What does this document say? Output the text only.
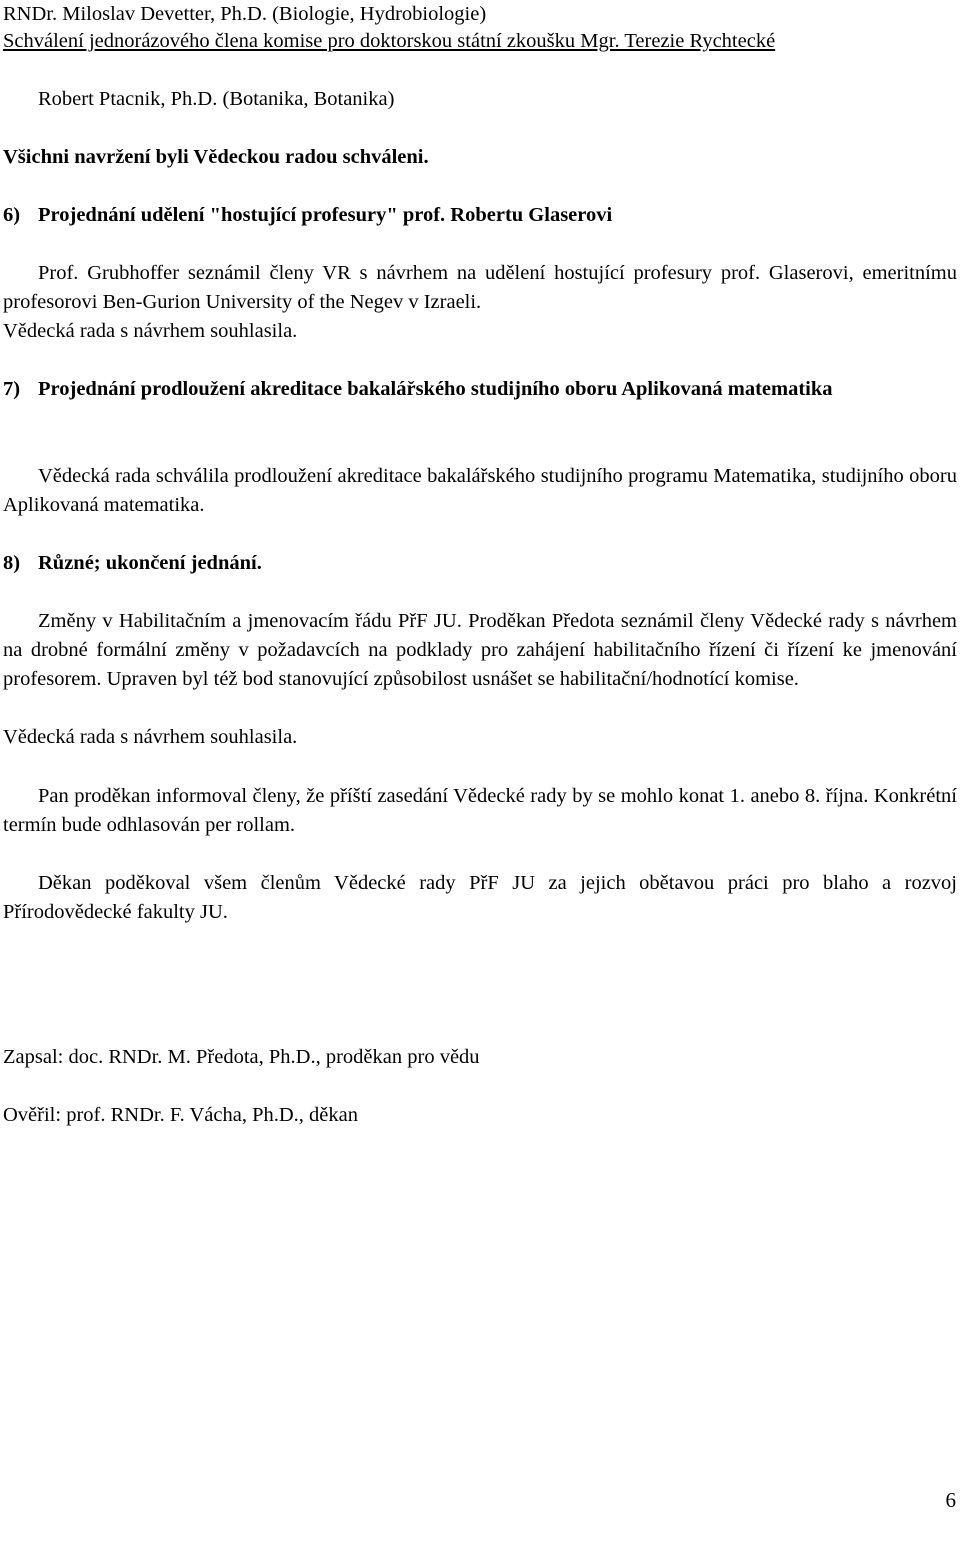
RNDr. Miloslav Devetter, Ph.D. (Biologie, Hydrobiologie)

Schválení jednorázového člena komise pro doktorskou státní zkoušku Mgr. Terezie Rychtecké

Robert Ptacnik, Ph.D. (Botanika, Botanika)

Všichni navržení byli Vědeckou radou schváleni.

6) Projednání udělení "hostující profesury" prof. Robertu Glaserovi

Prof. Grubhoffer seznámil členy VR s návrhem na udělení hostující profesury prof. Glaserovi, emeritnímu profesorovi Ben-Gurion University of the Negev v Izraeli.

Vědecká rada s návrhem souhlasila.

7) Projednání prodloužení akreditace bakalářského studijního oboru Aplikovaná matematika

Vědecká rada schválila prodloužení akreditace bakalářského studijního programu Matematika, studijního oboru Aplikovaná matematika.

8) Různé; ukončení jednání.

Změny v Habilitačním a jmenovacím řádu PřF JU. Proděkan Předota seznámil členy Vědecké rady s návrhem na drobné formální změny v požadavcích na podklady pro zahájení habilitačního řízení či řízení ke jmenování profesorem. Upraven byl též bod stanovující způsobilost usnášet se habilitační/hodnotící komise.

Vědecká rada s návrhem souhlasila.

Pan proděkan informoval členy, že příští zasedání Vědecké rady by se mohlo konat 1. anebo 8. října. Konkrétní termín bude odhlasován per rollam.

Děkan poděkoval všem členům Vědecké rady PřF JU za jejich obětavou práci pro blaho a rozvoj Přírodovědecké fakulty JU.

Zapsal: doc. RNDr. M. Předota, Ph.D., proděkan pro vědu

Ověřil: prof. RNDr. F. Vácha, Ph.D., děkan

6
